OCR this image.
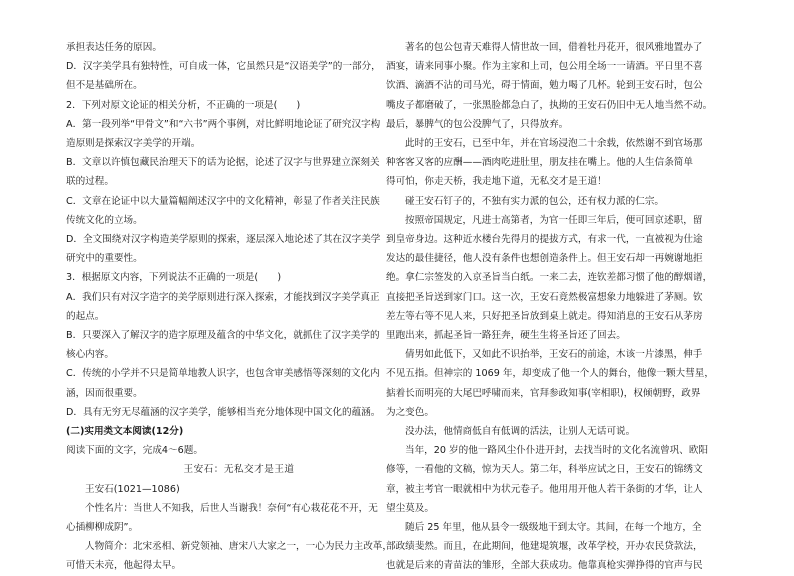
承担表达任务的原因。

D．汉字美学具有独特性，可自成一体，它虽然只是“汉语美学”的一部分，

但不是基础所在。

2．下列对原文论证的相关分析，不正确的一项是(　　)

A．第一段列举“甲骨文”和“六书”两个事例，对比鲜明地论证了研究汉字构

造原则是探索汉字美学的开端。

B．文章以许慎包藏民治理天下的话为论据，论述了汉字与世界建立深刻关

联的过程。

C．文章在论证中以大量篇幅阐述汉字中的文化精神，彰显了作者关注民族

传统文化的立场。

D．全文围绕对汉字构造美学原则的探索，逐层深入地论述了其在汉字美学

研究中的重要性。

3．根据原文内容，下列说法不正确的一项是(　　)

A．我们只有对汉字造字的美学原则进行深入探索，才能找到汉字美学真正

的起点。

B．只要深入了解汉字的造字原理及蕴含的中华文化，就抓住了汉字美学的

核心内容。

C．传统的小学并不只是简单地教人识字，也包含审美感悟等深刻的文化内

涵，因而很重要。

D．具有无穷无尽蕴涵的汉字美学，能够相当充分地体现中国文化的蕴涵。

(二)实用类文本阅读(12分)

阅读下面的文字，完成4～6题。

王安石：无私交才是王道

王安石(1021—1086)

个性名片：当世人不知我，后世人当谢我！奈何“有心栽花花不开，无

心插柳柳成阴”。

人物简介：北宋丞相、新党领袖、唐宋八大家之一，一心为民力主改革，

可惜天未亮，他起得太早。

著名的包公包青天难得人情世故一回，借着牡丹花开，很风雅地置办了

酒宴，请来同事小聚。作为主家和上司，包公用全场一一请酒。平日里不喜

饮酒、滴酒不沾的司马光，碍于情面，勉力喝了几杯。轮到王安石时，包公

嘴皮子都磨破了，一张黑脸都急白了，执拗的王安石仍旧中无人地当然不动。

最后，暴脾气的包公没脾气了，只得放弃。

此时的王安石，已至中年，并在官场浸泡二十余载，依然谢不到官场那

种客客又客的应酬——酒肉吃进肚里，朋友挂在嘴上。他的人生信条简单

得可怕，你走天桥，我走地下道，无私交才是王道！

碰王安石钉子的，不独有实力派的包公，还有权力派的仁宗。

按照帝国规定，凡进士高第者，为官一任即三年后，便可回京述职，留

到皇帝身边。这种近水楼台先得月的提拔方式，有求一代，一直被视为仕途

发达的最佳捷径，他人没有条件也想创造条件上。但王安石却一再婉谢地拒

绝。拿仁宗签发的入京圣旨当白纸。一来二去，连钦差都习惯了他的醇烟谱，

直接把圣旨送到家门口。这一次，王安石竟然极富想象力地躲进了茅厕。钦

差左等右等不见人来，只好把圣旨放到桌上就走。得知消息的王安石从茅房

里跑出来，抓起圣旨一路狂奔，硬生生将圣旨还了回去。

倩男如此低下，又如此不识抬举，王安石的前途，木该一片漆黑，伸手

不见五指。但神宗的 1069 年，却变成了他一个人的舞台，他像一颗大彗星，

掂着长而明亮的大尾巴呼啸而来，官拜参政知事(宰相职)，权倾朝野，政界

为之变色。

没办法，他情商低自有低调的活法，让别人无话可说。

当年，20 岁的他一路风尘仆仆进开封，去找当时的文化名流曾巩、欧阳

修等，一看他的文稿，惊为天人。第二年，科举应试之日，王安石的锦绣文

章，被主考官一眼就相中为状元卷子。他用用开他人若干条街的才华，让人

望尘莫及。

随后 25 年里，他从县令一级级地干到太守。其间，在每一个地方，全

部政绩斐然。而且，在此期间，他建堤筑堰，改革学校，开办农民贷款法，

也就是后来的青苗法的雏形，全部大获成功。他靠真枪实弹挣得的官声与民
